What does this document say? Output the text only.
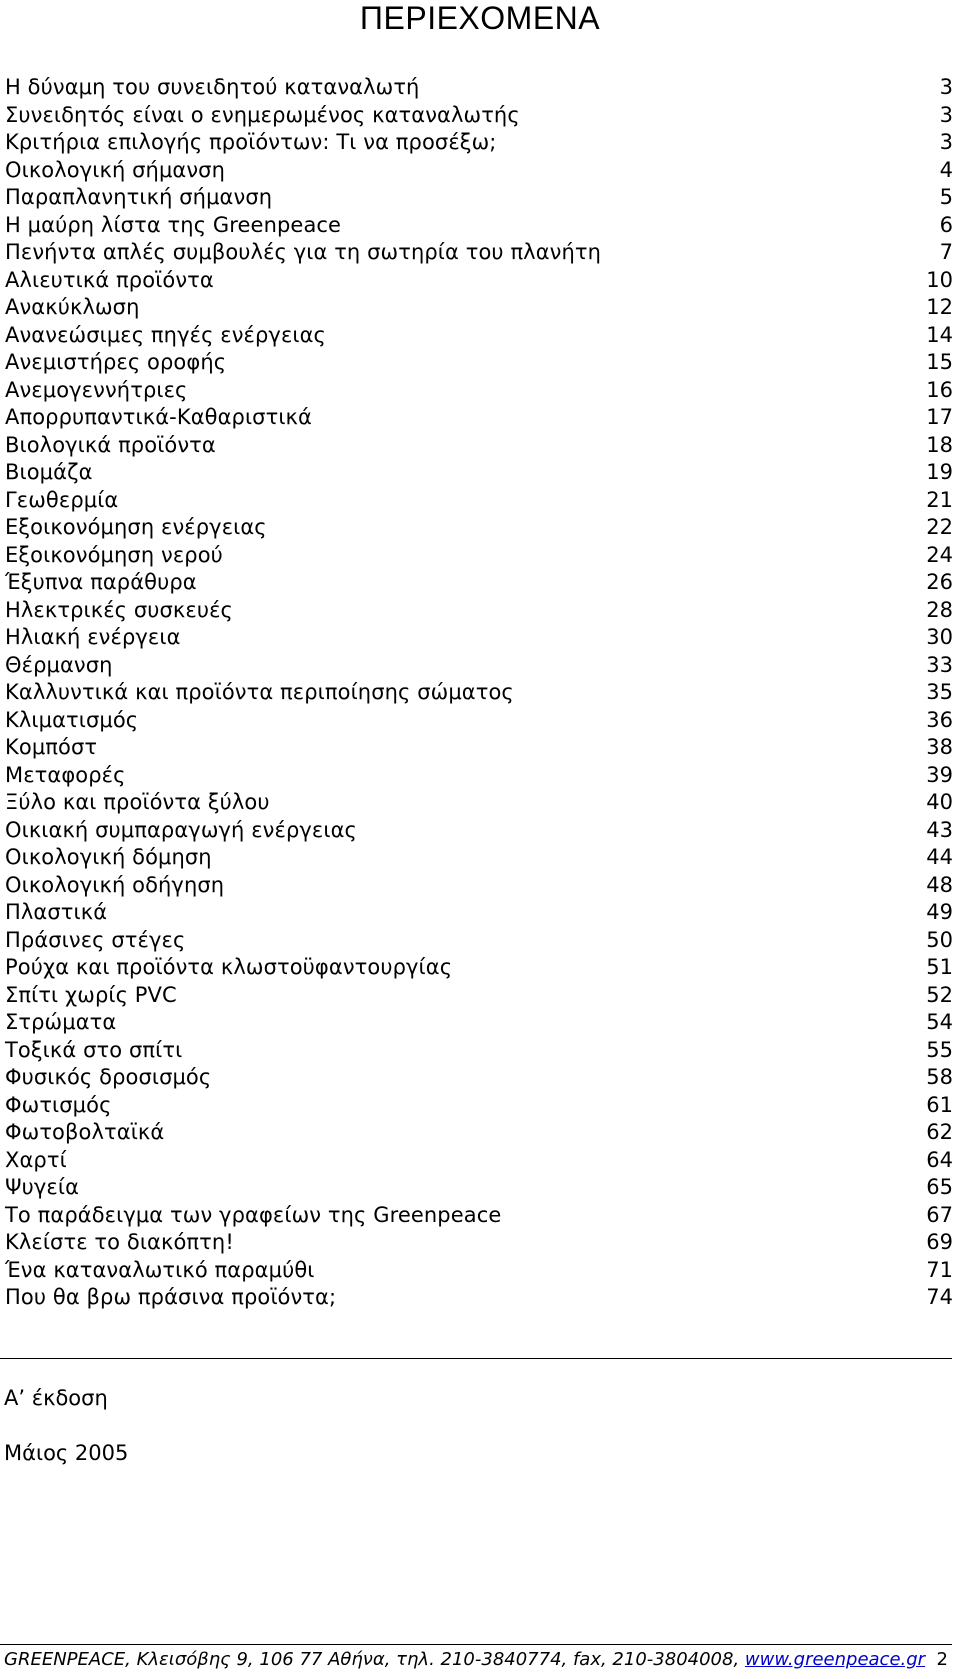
ΠΕΡΙΕΧΟΜΕΝΑ
Η δύναμη του συνειδητού καταναλωτή	3
Συνειδητός είναι ο ενημερωμένος καταναλωτής	3
Κριτήρια επιλογής προϊόντων: Τι να προσέξω;	3
Οικολογική σήμανση	4
Παραπλανητική σήμανση	5
Η μαύρη λίστα της Greenpeace	6
Πενήντα απλές συμβουλές για τη σωτηρία του πλανήτη	7
Αλιευτικά προϊόντα	10
Ανακύκλωση	12
Ανανεώσιμες πηγές ενέργειας	14
Ανεμιστήρες οροφής	15
Ανεμογεννήτριες	16
Απορρυπαντικά-Καθαριστικά	17
Βιολογικά προϊόντα	18
Βιομάζα	19
Γεωθερμία	21
Εξοικονόμηση ενέργειας	22
Εξοικονόμηση νερού	24
Έξυπνα παράθυρα	26
Ηλεκτρικές συσκευές	28
Ηλιακή ενέργεια	30
Θέρμανση	33
Καλλυντικά και προϊόντα περιποίησης σώματος	35
Κλιματισμός	36
Κομπόστ	38
Μεταφορές	39
Ξύλο και προϊόντα ξύλου	40
Οικιακή συμπαραγωγή ενέργειας	43
Οικολογική δόμηση	44
Οικολογική οδήγηση	48
Πλαστικά	49
Πράσινες στέγες	50
Ρούχα και προϊόντα κλωστοϋφαντουργίας	51
Σπίτι χωρίς PVC	52
Στρώματα	54
Τοξικά στο σπίτι	55
Φυσικός δροσισμός	58
Φωτισμός	61
Φωτοβολταϊκά	62
Χαρτί	64
Ψυγεία	65
Το παράδειγμα των γραφείων της Greenpeace	67
Κλείστε το διακόπτη!	69
Ένα καταναλωτικό παραμύθι	71
Που θα βρω πράσινα προϊόντα;	74
Α’ έκδοση
Μάιος 2005
GREENPEACE, Κλεισόβης 9, 106 77 Αθήνα, τηλ. 210-3840774, fax, 210-3804008, www.greenpeace.gr 2
